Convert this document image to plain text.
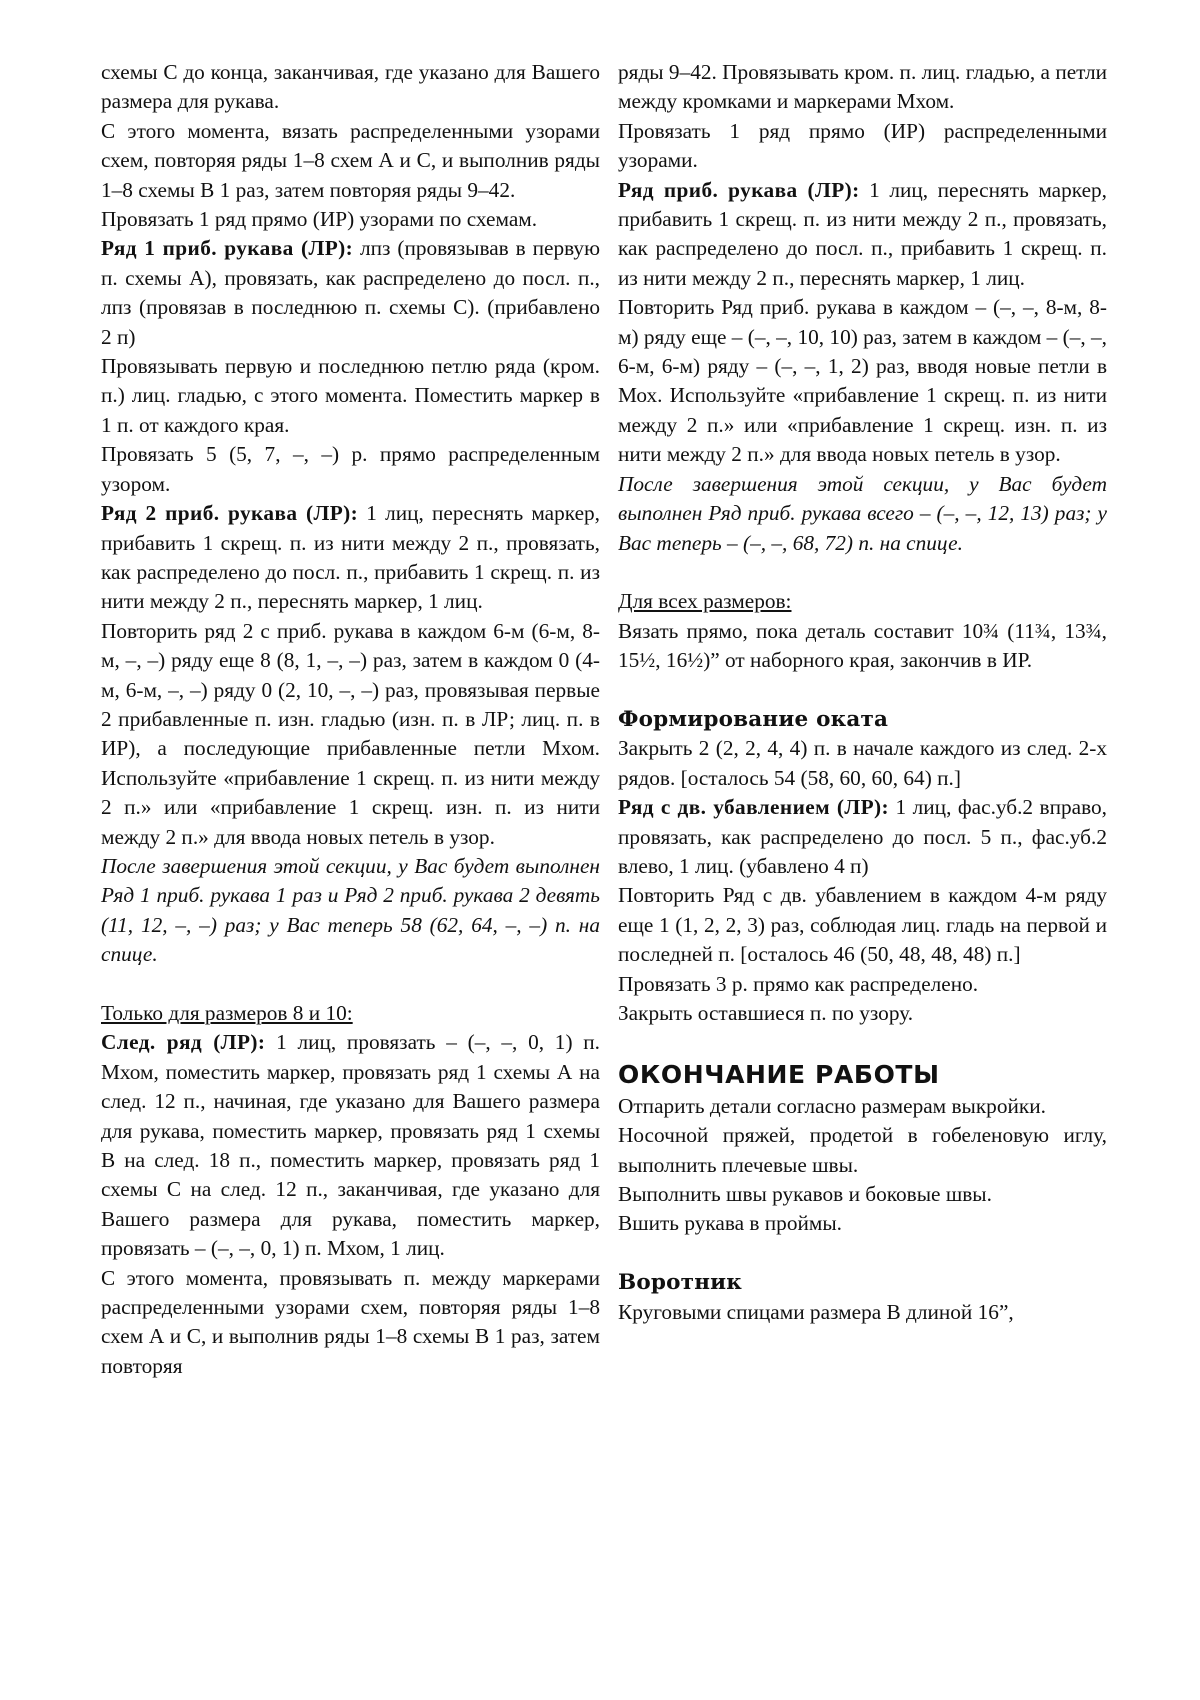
схемы С до конца, заканчивая, где указано для Вашего размера для рукава.

С этого момента, вязать распределенными узорами схем, повторяя ряды 1–8 схем А и С, и выполнив ряды 1–8 схемы В 1 раз, затем повторяя ряды 9–42.

Провязать 1 ряд прямо (ИР) узорами по схемам.

Ряд 1 приб. рукава (ЛР): лпз (провязывав в первую п. схемы А), провязать, как распределено до посл. п., лпз (провязав в последнюю п. схемы С). (прибавлено 2 п)

Провязывать первую и последнюю петлю ряда (кром. п.) лиц. гладью, с этого момента. Поместить маркер в 1 п. от каждого края.

Провязать 5 (5, 7, –, –) р. прямо распределенным узором.

Ряд 2 приб. рукава (ЛР): 1 лиц, переснять маркер, прибавить 1 скрещ. п. из нити между 2 п., провязать, как распределено до посл. п., прибавить 1 скрещ. п. из нити между 2 п., переснять маркер, 1 лиц.

Повторить ряд 2 с приб. рукава в каждом 6-м (6-м, 8-м, –, –) ряду еще 8 (8, 1, –, –) раз, затем в каждом 0 (4-м, 6-м, –, –) ряду 0 (2, 10, –, –) раз, провязывая первые 2 прибавленные п. изн. гладью (изн. п. в ЛР; лиц. п. в ИР), а последующие прибавленные петли Мхом. Используйте «прибавление 1 скрещ. п. из нити между 2 п.» или «прибавление 1 скрещ. изн. п. из нити между 2 п.» для ввода новых петель в узор.

После завершения этой секции, у Вас будет выполнен Ряд 1 приб. рукава 1 раз и Ряд 2 приб. рукава 2 девять (11, 12, –, –) раз; у Вас теперь 58 (62, 64, –, –) п. на спице.

Только для размеров 8 и 10:

След. ряд (ЛР): 1 лиц, провязать – (–, –, 0, 1) п. Мхом, поместить маркер, провязать ряд 1 схемы А на след. 12 п., начиная, где указано для Вашего размера для рукава, поместить маркер, провязать ряд 1 схемы В на след. 18 п., поместить маркер, провязать ряд 1 схемы С на след. 12 п., заканчивая, где указано для Вашего размера для рукава, поместить маркер, провязать – (–, –, 0, 1) п. Мхом, 1 лиц.

С этого момента, провязывать п. между маркерами распределенными узорами схем, повторяя ряды 1–8 схем А и С, и выполнив ряды 1–8 схемы В 1 раз, затем повторяя

ряды 9–42. Провязывать кром. п. лиц. гладью, а петли между кромками и маркерами Мхом.

Провязать 1 ряд прямо (ИР) распределенными узорами.

Ряд приб. рукава (ЛР): 1 лиц, переснять маркер, прибавить 1 скрещ. п. из нити между 2 п., провязать, как распределено до посл. п., прибавить 1 скрещ. п. из нити между 2 п., переснять маркер, 1 лиц.

Повторить Ряд приб. рукава в каждом – (–, –, 8-м, 8-м) ряду еще – (–, –, 10, 10) раз, затем в каждом – (–, –, 6-м, 6-м) ряду – (–, –, 1, 2) раз, вводя новые петли в Мох. Используйте «прибавление 1 скрещ. п. из нити между 2 п.» или «прибавление 1 скрещ. изн. п. из нити между 2 п.» для ввода новых петель в узор.

После завершения этой секции, у Вас будет выполнен Ряд приб. рукава всего – (–, –, 12, 13) раз; у Вас теперь – (–, –, 68, 72) п. на спице.

Для всех размеров:

Вязать прямо, пока деталь составит 10¾ (11¾, 13¾, 15½, 16½)” от наборного края, закончив в ИР.

Формирование оката

Закрыть 2 (2, 2, 4, 4) п. в начале каждого из след. 2-х рядов. [осталось 54 (58, 60, 60, 64) п.]

Ряд с дв. убавлением (ЛР): 1 лиц, фас.уб.2 вправо, провязать, как распределено до посл. 5 п., фас.уб.2 влево, 1 лиц. (убавлено 4 п)

Повторить Ряд с дв. убавлением в каждом 4-м ряду еще 1 (1, 2, 2, 3) раз, соблюдая лиц. гладь на первой и последней п. [осталось 46 (50, 48, 48, 48) п.]

Провязать 3 р. прямо как распределено.

Закрыть оставшиеся п. по узору.

ОКОНЧАНИЕ РАБОТЫ

Отпарить детали согласно размерам выкройки.

Носочной пряжей, продетой в гобеленовую иглу, выполнить плечевые швы.

Выполнить швы рукавов и боковые швы.

Вшить рукава в проймы.

Воротник

Круговыми спицами размера В длиной 16”,
